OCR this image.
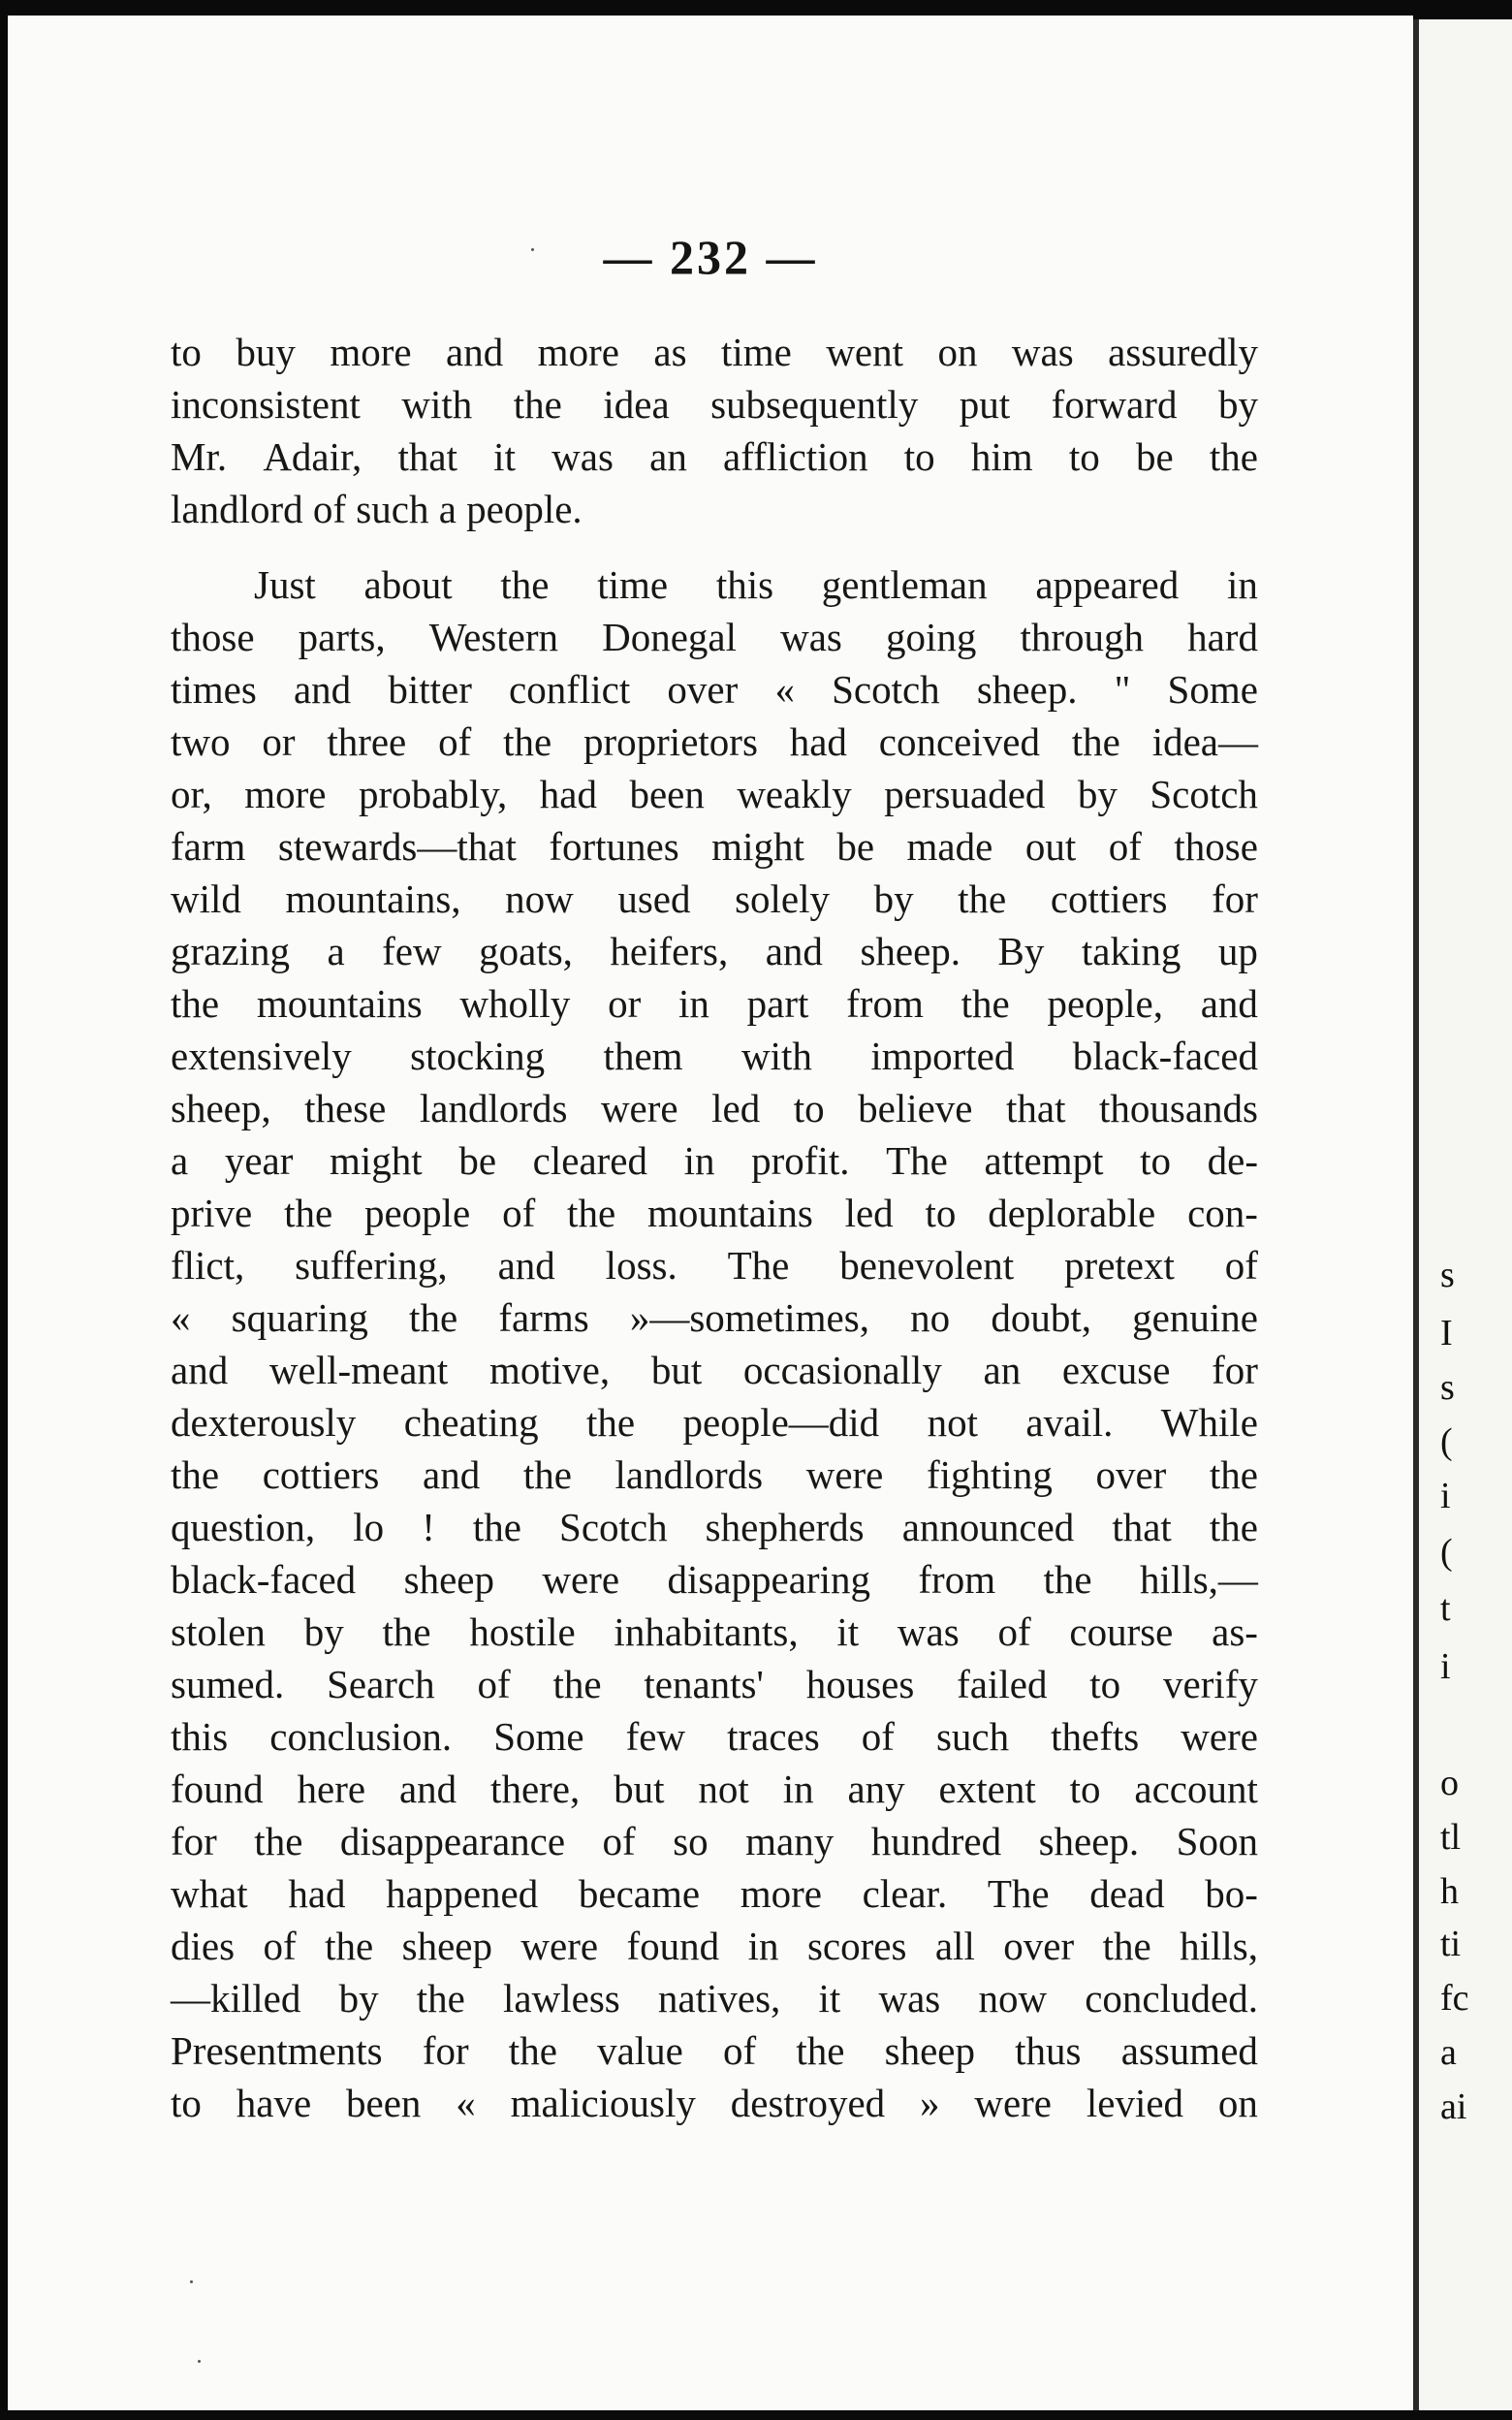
— 232 —
to buy more and more as time went on was assuredly
inconsistent with the idea subsequently put forward by
Mr. Adair, that it was an affliction to him to be the
landlord of such a people.
Just about the time this gentleman appeared in
those parts, Western Donegal was going through hard
times and bitter conflict over « Scotch sheep. " Some
two or three of the proprietors had conceived the idea—
or, more probably, had been weakly persuaded by Scotch
farm stewards—that fortunes might be made out of those
wild mountains, now used solely by the cottiers for
grazing a few goats, heifers, and sheep. By taking up
the mountains wholly or in part from the people, and
extensively stocking them with imported black-faced
sheep, these landlords were led to believe that thousands
a year might be cleared in profit. The attempt to de-
prive the people of the mountains led to deplorable con-
flict, suffering, and loss. The benevolent pretext of
« squaring the farms »—sometimes, no doubt, genuine
and well-meant motive, but occasionally an excuse for
dexterously cheating the people—did not avail. While
the cottiers and the landlords were fighting over the
question, lo ! the Scotch shepherds announced that the
black-faced sheep were disappearing from the hills,—
stolen by the hostile inhabitants, it was of course as-
sumed. Search of the tenants' houses failed to verify
this conclusion. Some few traces of such thefts were
found here and there, but not in any extent to account
for the disappearance of so many hundred sheep. Soon
what had happened became more clear. The dead bo-
dies of the sheep were found in scores all over the hills,
—killed by the lawless natives, it was now concluded.
Presentments for the value of the sheep thus assumed
to have been « maliciously destroyed » were levied on
s
I
s
(
i
(
t
i
o
tl
h
ti
fc
a
ai
